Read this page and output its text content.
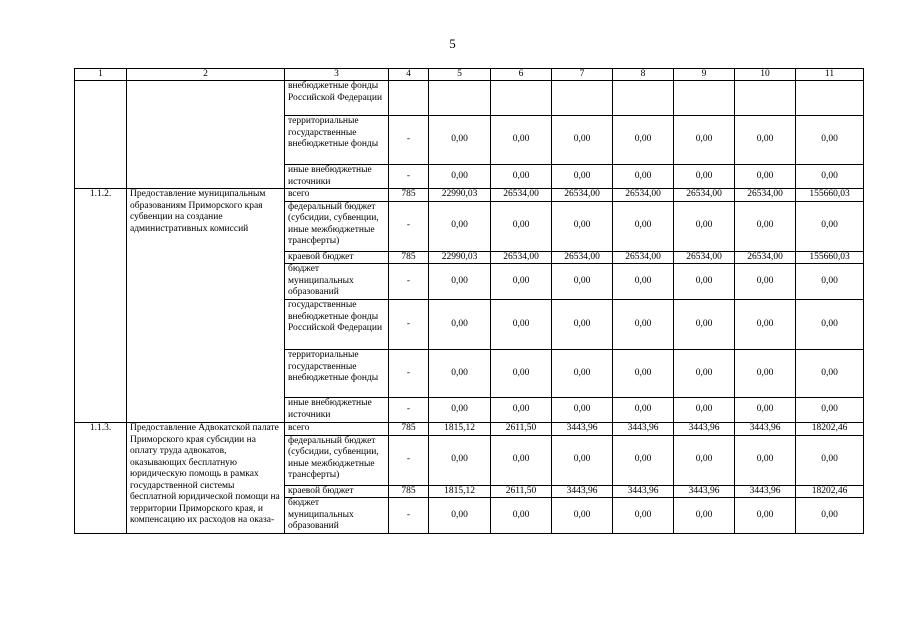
5
1	2	3	4	5	6	7	8	9	10	11
		внебюджетные фонды Российской Федерации								
		территориальные государственные внебюджетные фонды	-	0,00	0,00	0,00	0,00	0,00	0,00	0,00
		иные внебюджетные источники	-	0,00	0,00	0,00	0,00	0,00	0,00	0,00
1.1.2.	Предоставление муниципальным образованиям Приморского края субвенции на создание административных комиссий	всего	785	22990,03	26534,00	26534,00	26534,00	26534,00	26534,00	155660,03
		федеральный бюджет (субсидии, субвенции, иные межбюджетные трансферты)	-	0,00	0,00	0,00	0,00	0,00	0,00	0,00
		краевой бюджет	785	22990,03	26534,00	26534,00	26534,00	26534,00	26534,00	155660,03
		бюджет муниципальных образований	-	0,00	0,00	0,00	0,00	0,00	0,00	0,00
		государственные внебюджетные фонды Российской Федерации	-	0,00	0,00	0,00	0,00	0,00	0,00	0,00
		территориальные государственные внебюджетные фонды	-	0,00	0,00	0,00	0,00	0,00	0,00	0,00
		иные внебюджетные источники	-	0,00	0,00	0,00	0,00	0,00	0,00	0,00
1.1.3.	Предоставление Адвокатской палате Приморского края субсидии на оплату труда адвокатов, оказывающих бесплатную юридическую помощь в рамках государственной системы бесплатной юридической помощи на территории Приморского края, и компенсацию их расходов на оказа-	всего	785	1815,12	2611,50	3443,96	3443,96	3443,96	3443,96	18202,46
		федеральный бюджет (субсидии, субвенции, иные межбюджетные трансферты)	-	0,00	0,00	0,00	0,00	0,00	0,00	0,00
		краевой бюджет	785	1815,12	2611,50	3443,96	3443,96	3443,96	3443,96	18202,46
		бюджет муниципальных образований	-	0,00	0,00	0,00	0,00	0,00	0,00	0,00
